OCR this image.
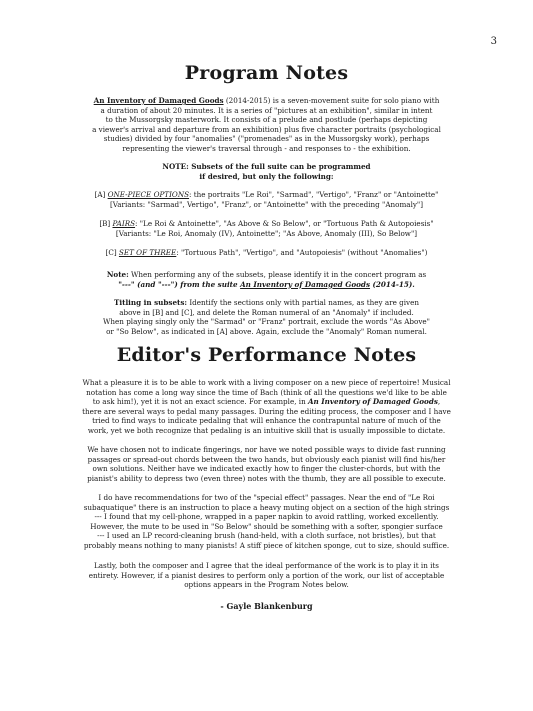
3
Program Notes
An Inventory of Damaged Goods (2014-2015) is a seven-movement suite for solo piano with
a duration of about 20 minutes. It is a series of "pictures at an exhibition", similar in intent
to the Mussorgsky masterwork. It consists of a prelude and postlude (perhaps depicting
a viewer's arrival and departure from an exhibition) plus five character portraits (psychological
studies) divided by four "anomalies" ("promenades" as in the Mussorgsky work), perhaps
representing the viewer's traversal through - and responses to - the exhibition.
NOTE: Subsets of the full suite can be programmed
if desired, but only the following:
[A] ONE-PIECE OPTIONS: the portraits "Le Roi", "Sarmad", "Vertigo", "Franz" or "Antoinette"
[Variants: "Sarmad", Vertigo", "Franz", or "Antoinette" with the preceding "Anomaly"]
[B] PAIRS: "Le Roi & Antoinette", "As Above & So Below", or "Tortuous Path & Autopoiesis"
[Variants: "Le Roi, Anomaly (IV), Antoinette"; "As Above, Anomaly (III), So Below"]
[C] SET OF THREE: "Tortuous Path", "Vertigo", and "Autopoiesis" (without "Anomalies")
Note: When performing any of the subsets, please identify it in the concert program as
"---" (and "---") from the suite An Inventory of Damaged Goods (2014-15).
Titling in subsets: Identify the sections only with partial names, as they are given
above in [B] and [C], and delete the Roman numeral of an "Anomaly" if included.
When playing singly only the "Sarmad" or "Franz" portrait, exclude the words "As Above"
or "So Below", as indicated in [A] above. Again, exclude the "Anomaly" Roman numeral.
Editor's Performance Notes
What a pleasure it is to be able to work with a living composer on a new piece of repertoire! Musical
notation has come a long way since the time of Bach (think of all the questions we'd like to be able
to ask him!), yet it is not an exact science. For example, in An Inventory of Damaged Goods,
there are several ways to pedal many passages. During the editing process, the composer and I have
tried to find ways to indicate pedaling that will enhance the contrapuntal nature of much of the
work, yet we both recognize that pedaling is an intuitive skill that is usually impossible to dictate.
We have chosen not to indicate fingerings, nor have we noted possible ways to divide fast running
passages or spread-out chords between the two hands, but obviously each pianist will find his/her
own solutions. Neither have we indicated exactly how to finger the cluster-chords, but with the
pianist's ability to depress two (even three) notes with the thumb, they are all possible to execute.
I do have recommendations for two of the "special effect" passages. Near the end of "Le Roi
subaquatique" there is an instruction to place a heavy muting object on a section of the high strings
--- I found that my cell-phone, wrapped in a paper napkin to avoid rattling, worked excellently.
However, the mute to be used in "So Below" should be something with a softer, spongier surface
--- I used an LP record-cleaning brush (hand-held, with a cloth surface, not bristles), but that
probably means nothing to many pianists! A stiff piece of kitchen sponge, cut to size, should suffice.
Lastly, both the composer and I agree that the ideal performance of the work is to play it in its
entirety. However, if a pianist desires to perform only a portion of the work, our list of acceptable
options appears in the Program Notes below.
- Gayle Blankenburg
